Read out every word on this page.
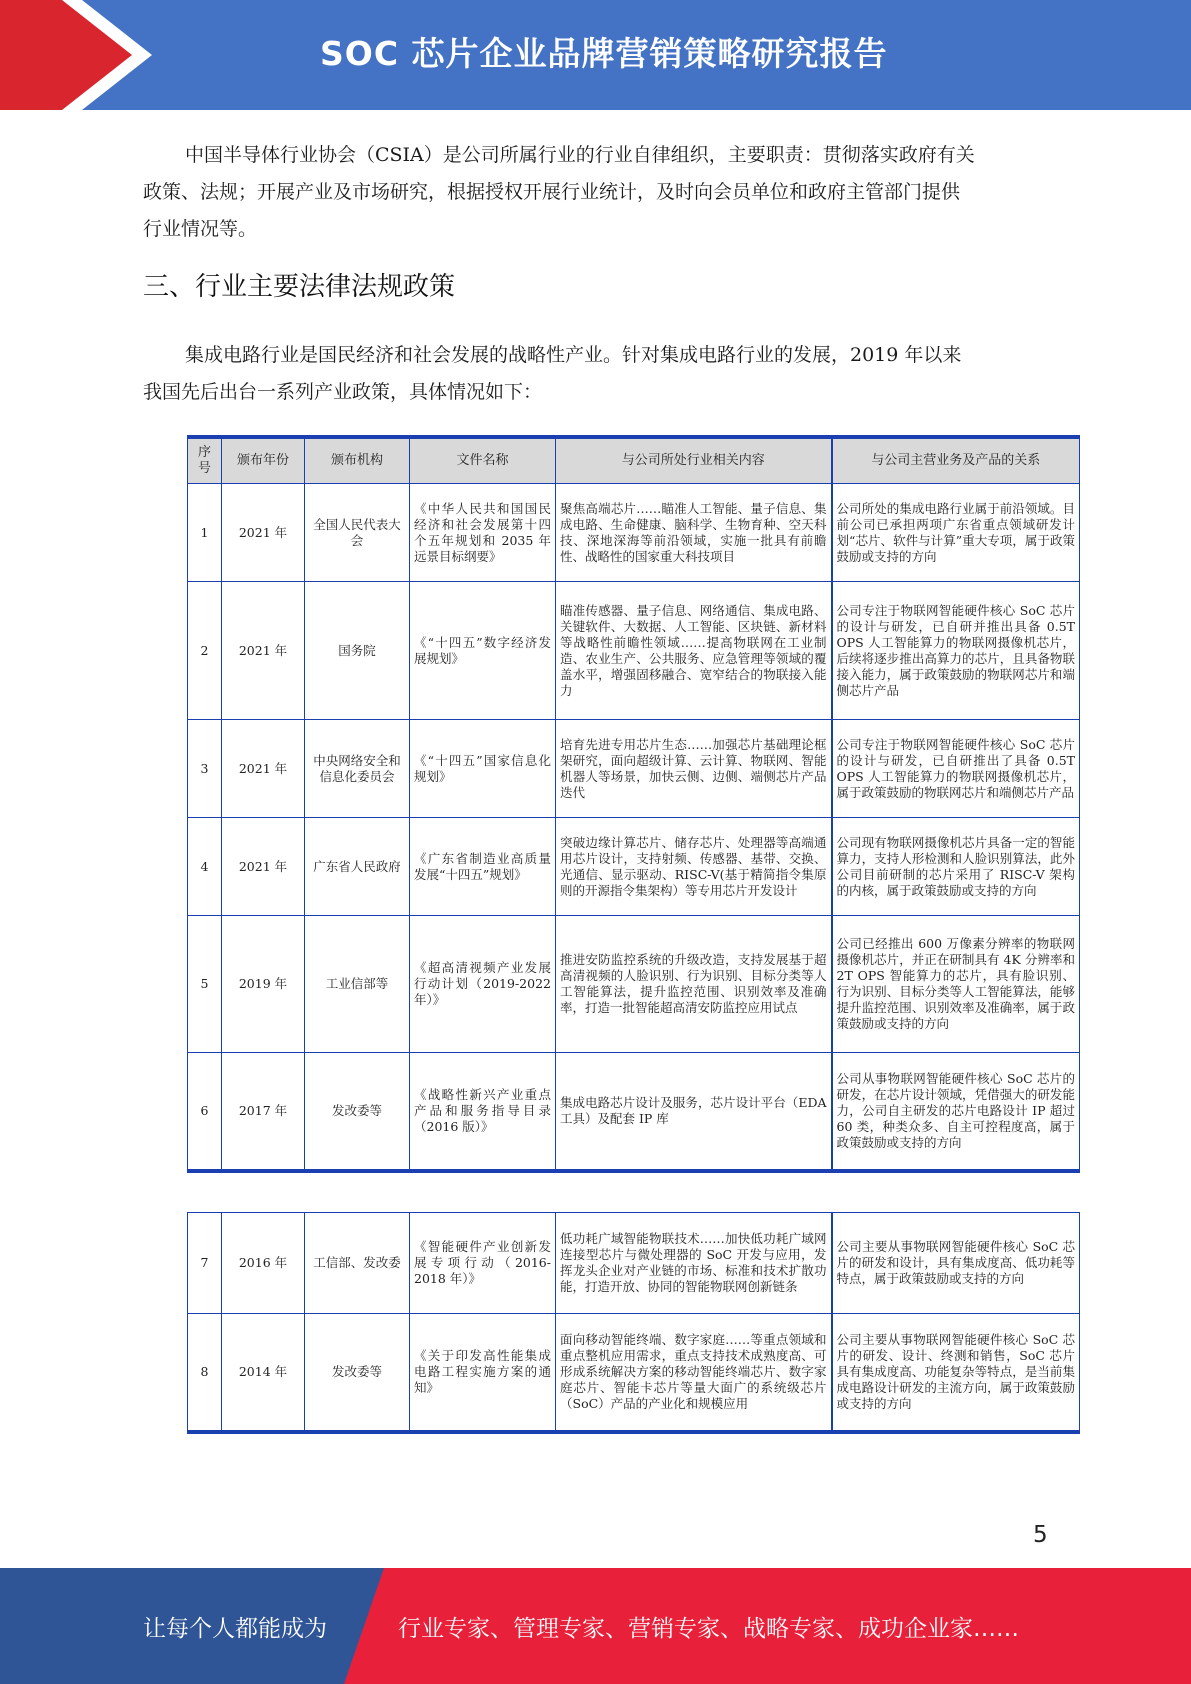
SOC 芯片企业品牌营销策略研究报告
中国半导体行业协会（CSIA）是公司所属行业的行业自律组织，主要职责：贯彻落实政府有关
政策、法规；开展产业及市场研究，根据授权开展行业统计，及时向会员单位和政府主管部门提供
行业情况等。
三、行业主要法律法规政策
集成电路行业是国民经济和社会发展的战略性产业。针对集成电路行业的发展，2019 年以来
我国先后出台一系列产业政策，具体情况如下：
序号	颁布年份	颁布机构	文件名称	与公司所处行业相关内容	与公司主营业务及产品的关系
1	2021 年	全国人民代表大会	《中华人民共和国国民经济和社会发展第十四个五年规划和 2035 年远景目标纲要》	聚焦高端芯片……瞄准人工智能、量子信息、集成电路、生命健康、脑科学、生物育种、空天科技、深地深海等前沿领域，实施一批具有前瞻性、战略性的国家重大科技项目	公司所处的集成电路行业属于前沿领域。目前公司已承担两项广东省重点领域研发计划“芯片、软件与计算”重大专项，属于政策鼓励或支持的方向
2	2021 年	国务院	《“十四五”数字经济发展规划》	瞄准传感器、量子信息、网络通信、集成电路、关键软件、大数据、人工智能、区块链、新材料等战略性前瞻性领域……提高物联网在工业制造、农业生产、公共服务、应急管理等领域的覆盖水平，增强固移融合、宽窄结合的物联接入能力	公司专注于物联网智能硬件核心 SoC 芯片的设计与研发，已自研并推出具备 0.5T OPS 人工智能算力的物联网摄像机芯片，后续将逐步推出高算力的芯片，且具备物联接入能力，属于政策鼓励的物联网芯片和端侧芯片产品
3	2021 年	中央网络安全和信息化委员会	《“十四五”国家信息化规划》	培育先进专用芯片生态……加强芯片基础理论框架研究，面向超级计算、云计算、物联网、智能机器人等场景，加快云侧、边侧、端侧芯片产品迭代	公司专注于物联网智能硬件核心 SoC 芯片的设计与研发，已自研推出了具备 0.5T OPS 人工智能算力的物联网摄像机芯片，属于政策鼓励的物联网芯片和端侧芯片产品
4	2021 年	广东省人民政府	《广东省制造业高质量发展“十四五”规划》	突破边缘计算芯片、储存芯片、处理器等高端通用芯片设计，支持射频、传感器、基带、交换、光通信、显示驱动、RISC-V(基于精简指令集原则的开源指令集架构）等专用芯片开发设计	公司现有物联网摄像机芯片具备一定的智能算力，支持人形检测和人脸识别算法，此外公司目前研制的芯片采用了 RISC-V 架构的内核，属于政策鼓励或支持的方向
5	2019 年	工业信部等	《超高清视频产业发展行动计划（2019-2022 年）》	推进安防监控系统的升级改造，支持发展基于超高清视频的人脸识别、行为识别、目标分类等人工智能算法，提升监控范围、识别效率及准确率，打造一批智能超高清安防监控应用试点	公司已经推出 600 万像素分辨率的物联网摄像机芯片，并正在研制具有 4K 分辨率和 2T OPS 智能算力的芯片，具有脸识别、行为识别、目标分类等人工智能算法，能够提升监控范围、识别效率及准确率，属于政策鼓励或支持的方向
6	2017 年	发改委等	《战略性新兴产业重点产品和服务指导目录（2016 版）》	集成电路芯片设计及服务，芯片设计平台（EDA 工具）及配套 IP 库	公司从事物联网智能硬件核心 SoC 芯片的研发，在芯片设计领域，凭借强大的研发能力，公司自主研发的芯片电路设计 IP 超过 60 类，种类众多、自主可控程度高，属于政策鼓励或支持的方向
7	2016 年	工信部、发改委	《智能硬件产业创新发展专项行动（2016-2018 年）》	低功耗广域智能物联技术……加快低功耗广域网连接型芯片与微处理器的 SoC 开发与应用，发挥龙头企业对产业链的市场、标准和技术扩散功能，打造开放、协同的智能物联网创新链条	公司主要从事物联网智能硬件核心 SoC 芯片的研发和设计，具有集成度高、低功耗等特点，属于政策鼓励或支持的方向
8	2014 年	发改委等	《关于印发高性能集成电路工程实施方案的通知》	面向移动智能终端、数字家庭……等重点领域和重点整机应用需求，重点支持技术成熟度高、可形成系统解决方案的移动智能终端芯片、数字家庭芯片、智能卡芯片等量大面广的系统级芯片（SoC）产品的产业化和规模应用	公司主要从事物联网智能硬件核心 SoC 芯片的研发、设计、终测和销售，SoC 芯片具有集成度高、功能复杂等特点，是当前集成电路设计研发的主流方向，属于政策鼓励或支持的方向
5
让每个人都能成为	行业专家、管理专家、营销专家、战略专家、成功企业家……
